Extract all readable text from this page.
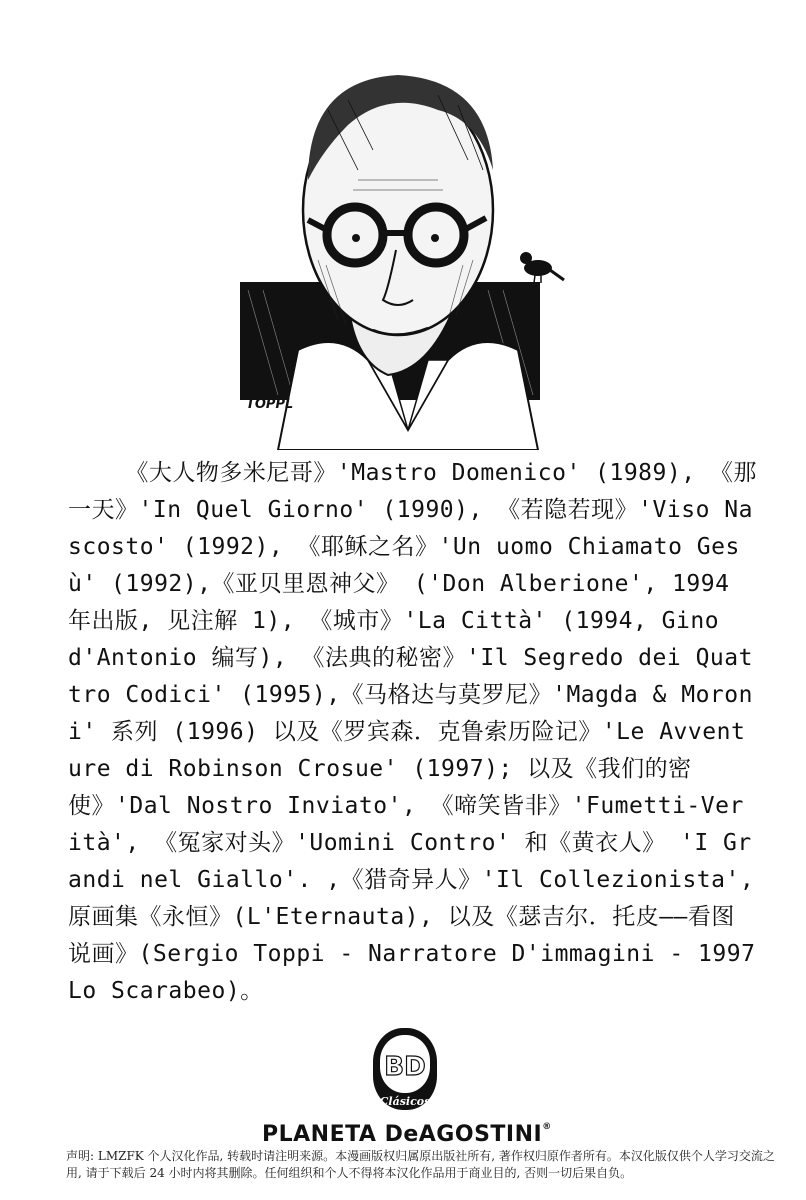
TOPPL
《大人物多米尼哥》'Mastro Domenico' (1989), 《那一天》'In Quel Giorno' (1990), 《若隐若现》'Viso Nascosto' (1992), 《耶稣之名》'Un uomo Chiamato Gesù' (1992),《亚贝里恩神父》 ('Don Alberione', 1994 年出版, 见注解 1), 《城市》'La Città' (1994, Gino d'Antonio 编写), 《法典的秘密》'Il Segredo dei Quattro Codici' (1995),《马格达与莫罗尼》'Magda & Moroni' 系列 (1996) 以及《罗宾森．克鲁索历险记》'Le Avventure di Robinson Crosue' (1997); 以及《我们的密使》'Dal Nostro Inviato', 《啼笑皆非》'Fumetti-Verità', 《冤家对头》'Uomini Contro' 和《黄衣人》 'I Grandi nel Giallo'. ,《猎奇异人》'Il Collezionista', 原画集《永恒》(L'Eternauta), 以及《瑟吉尔．托皮——看图说画》(Sergio Toppi - Narratore D'immagini - 1997 Lo Scarabeo)。
BD
Clásicos
PLANETA DeAGOSTINI®
声明: LMZFK 个人汉化作品, 转载时请注明来源。本漫画版权归属原出版社所有, 著作权归原作者所有。本汉化版仅供个人学习交流之用, 请于下载后 24 小时内将其删除。任何组织和个人不得将本汉化作品用于商业目的, 否则一切后果自负。
